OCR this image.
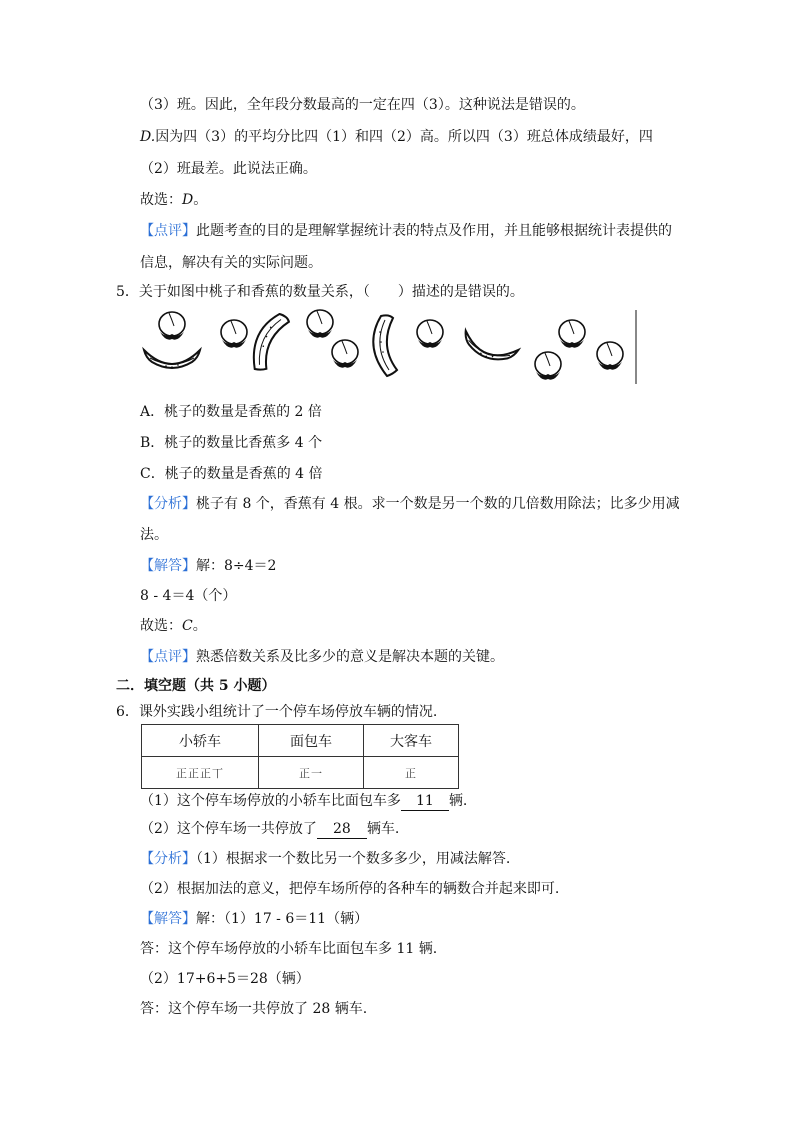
（3）班。因此，全年段分数最高的一定在四（3）。这种说法是错误的。
D.因为四（3）的平均分比四（1）和四（2）高。所以四（3）班总体成绩最好，四
（2）班最差。此说法正确。
故选：D。
【点评】此题考查的目的是理解掌握统计表的特点及作用，并且能够根据统计表提供的
信息，解决有关的实际问题。
5．关于如图中桃子和香蕉的数量关系，（　　）描述的是错误的。
A．桃子的数量是香蕉的 2 倍
B．桃子的数量比香蕉多 4 个
C．桃子的数量是香蕉的 4 倍
【分析】桃子有 8 个，香蕉有 4 根。求一个数是另一个数的几倍数用除法；比多少用减
法。
【解答】解：8÷4＝2
8 - 4＝4（个）
故选：C。
【点评】熟悉倍数关系及比多少的意义是解决本题的关键。
二．填空题（共 5 小题）
6．课外实践小组统计了一个停车场停放车辆的情况.
小轿车	面包车	大客车
正正正丅	正一	正
（1）这个停车场停放的小轿车比面包车多 11 辆.
（2）这个停车场一共停放了 28 辆车.
【分析】（1）根据求一个数比另一个数多多少，用减法解答.
（2）根据加法的意义，把停车场所停的各种车的辆数合并起来即可.
【解答】解：（1）17 - 6＝11（辆）
答：这个停车场停放的小轿车比面包车多 11 辆.
（2）17+6+5＝28（辆）
答：这个停车场一共停放了 28 辆车.
